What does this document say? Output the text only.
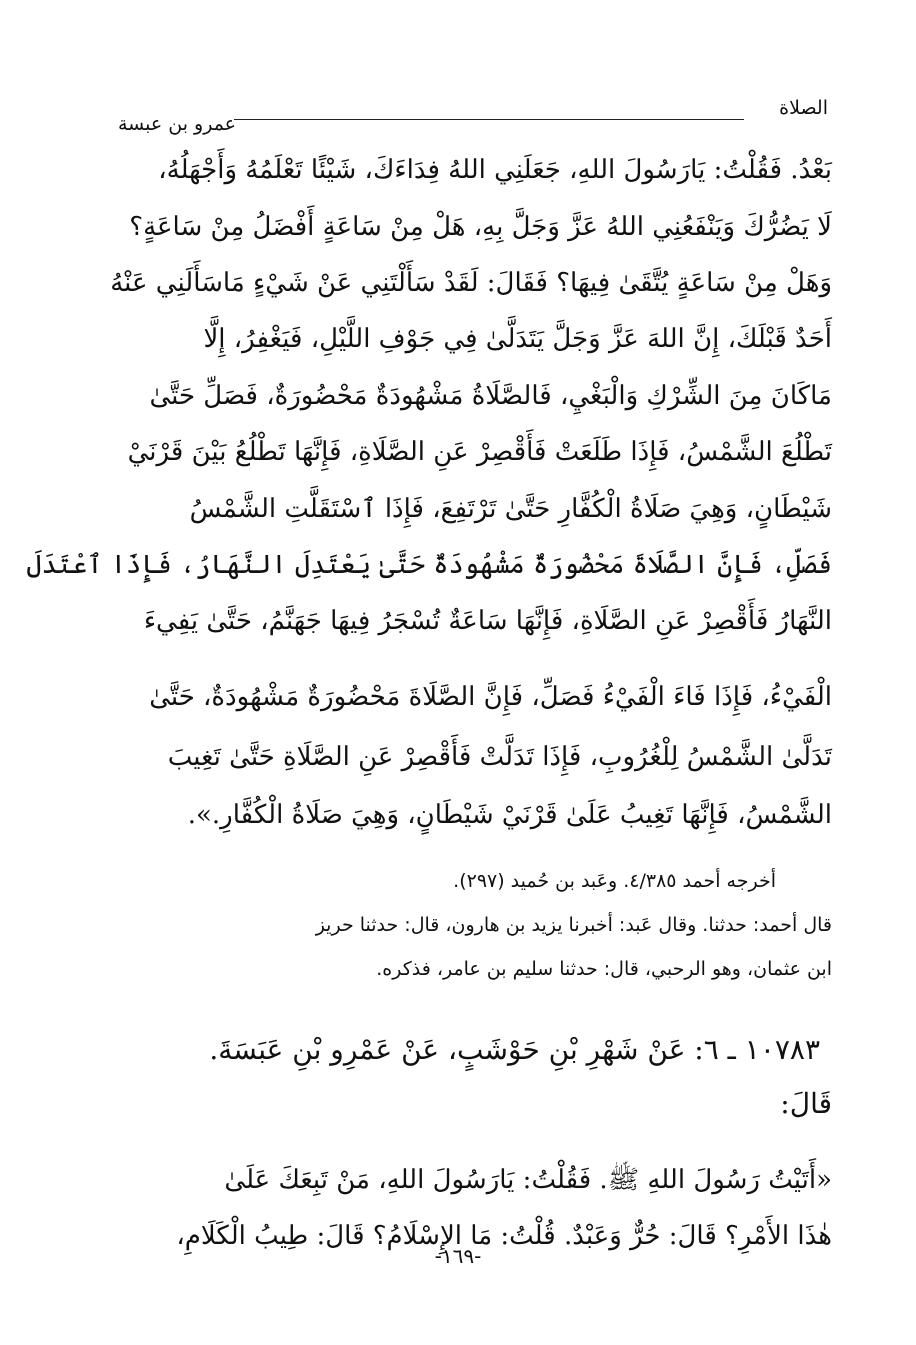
الصلاة
عمرو بن عبسة
بَعْدُ. فَقُلْتُ: يَارَسُولَ اللهِ، جَعَلَنِي اللهُ فِدَاءَكَ، شَيْئًا تَعْلَمُهُ وَأَجْهَلُهُ،
لَا يَضُرُّكَ وَيَنْفَعُنِي اللهُ عَزَّ وَجَلَّ بِهِ، هَلْ مِنْ سَاعَةٍ أَفْضَلُ مِنْ سَاعَةٍ؟
وَهَلْ مِنْ سَاعَةٍ يُتَّقَىٰ فِيهَا؟ فَقَالَ: لَقَدْ سَأَلْتَنِي عَنْ شَيْءٍ مَاسَأَلَنِي عَنْهُ
أَحَدٌ قَبْلَكَ، إِنَّ اللهَ عَزَّ وَجَلَّ يَتَدَلَّىٰ فِي جَوْفِ اللَّيْلِ، فَيَغْفِرُ، إِلَّا
مَاكَانَ مِنَ الشِّرْكِ وَالْبَغْيِ، فَالصَّلَاةُ مَشْهُودَةٌ مَحْضُورَةٌ، فَصَلِّ حَتَّىٰ
تَطْلُعَ الشَّمْسُ، فَإِذَا طَلَعَتْ فَأَقْصِرْ عَنِ الصَّلَاةِ، فَإِنَّهَا تَطْلُعُ بَيْنَ قَرْنَيْ
شَيْطَانٍ، وَهِيَ صَلَاةُ الْكُفَّارِ حَتَّىٰ تَرْتَفِعَ، فَإِذَا ٱسْتَقَلَّتِ الشَّمْسُ
فَصَلِّ، فَإِنَّ الصَّلَاةَ مَحْضُورَةٌ مَشْهُودَةٌ حَتَّىٰ يَعْتَدِلَ النَّهَارُ، فَإِذَا ٱعْتَدَلَ
النَّهَارُ فَأَقْصِرْ عَنِ الصَّلَاةِ، فَإِنَّهَا سَاعَةٌ تُسْجَرُ فِيهَا جَهَنَّمُ، حَتَّىٰ يَفِيءَ
الْفَيْءُ، فَإِذَا فَاءَ الْفَيْءُ فَصَلِّ، فَإِنَّ الصَّلَاةَ مَحْضُورَةٌ مَشْهُودَةٌ، حَتَّىٰ
تَدَلَّىٰ الشَّمْسُ لِلْغُرُوبِ، فَإِذَا تَدَلَّتْ فَأَقْصِرْ عَنِ الصَّلَاةِ حَتَّىٰ تَغِيبَ
الشَّمْسُ، فَإِنَّهَا تَغِيبُ عَلَىٰ قَرْنَيْ شَيْطَانٍ، وَهِيَ صَلَاةُ الْكُفَّارِ.».
أخرجه أحمد ٤/٣٨٥. وعَبد بن حُميد (٢٩٧).
قال أحمد: حدثنا. وقال عَبد: أخبرنا يزيد بن هارون، قال: حدثنا حريز
ابن عثمان، وهو الرحبي، قال: حدثنا سليم بن عامر، فذكره.
١٠٧٨٣ ـ ٦: عَنْ شَهْرِ بْنِ حَوْشَبٍ، عَنْ عَمْرِو بْنِ عَبَسَةَ.
قَالَ:
«أَتَيْتُ رَسُولَ اللهِ ﷺ. فَقُلْتُ: يَارَسُولَ اللهِ، مَنْ تَبِعَكَ عَلَىٰ
هٰذَا الأَمْرِ؟ قَالَ: حُرٌّ وَعَبْدٌ. قُلْتُ: مَا الإِسْلَامُ؟ قَالَ: طِيبُ الْكَلَامِ،
-١٦٩-
